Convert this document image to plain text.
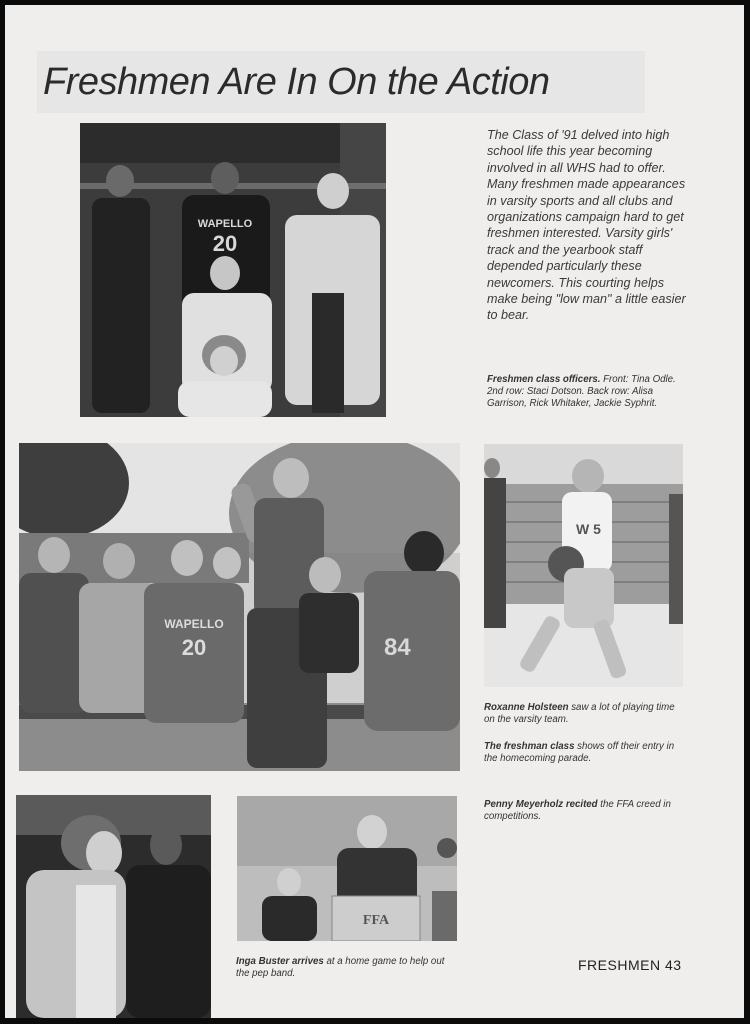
Freshmen Are In On the Action
WAPELLO
20

The Class of '91 delved into high school life this year becoming involved in all WHS had to offer. Many freshmen made appearances in varsity sports and all clubs and organizations campaign hard to get freshmen interested. Varsity girls' track and the yearbook staff depended particularly these newcomers. This courting helps make being "low man" a little easier to bear.

Freshmen class officers. Front: Tina Odle. 2nd row: Staci Dotson. Back row: Alisa Garrison, Rick Whitaker, Jackie Syphrit.

WAPELLO
20	84
W 5

Roxanne Holsteen saw a lot of playing time on the varsity team.

The freshman class shows off their entry in the homecoming parade.

Penny Meyerholz recited the FFA creed in competitions.

FFA

Inga Buster arrives at a home game to help out the pep band.

FRESHMEN 43
